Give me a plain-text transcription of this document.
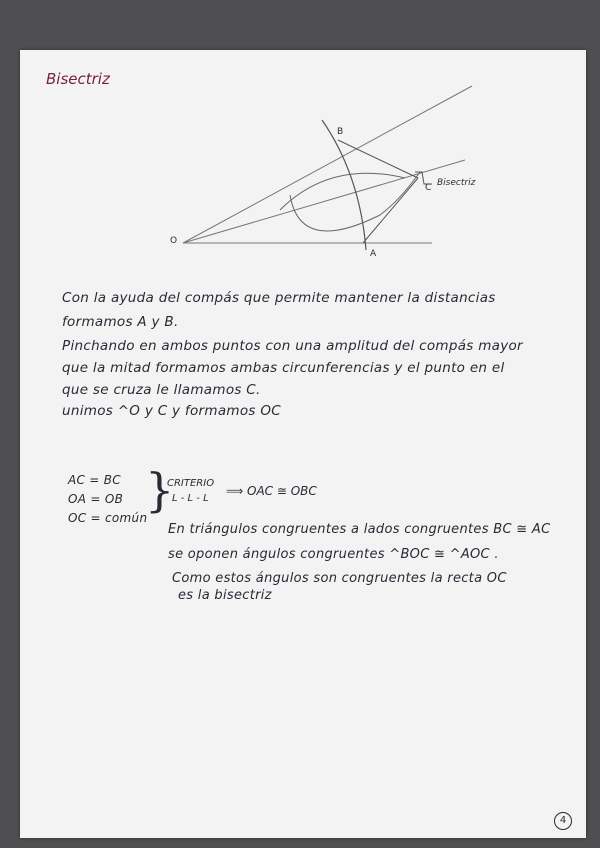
Bisectriz
O
A
B
C Bisectriz
Con la ayuda del compás que permite mantener la distancias
formamos A y B.
Pinchando en ambos puntos con una amplitud del compás mayor
que la mitad formamos ambas circunferencias y el punto en el
que se cruza le llamamos C.
unimos ^O y C y formamos OC
AC = BC
OA = OB
OC = común
}
CRITERIO
L - L - L
⟹ OAC ≅ OBC
En triángulos congruentes a lados congruentes BC ≅ AC
se oponen ángulos congruentes ^BOC ≅ ^AOC .
Como estos ángulos son congruentes la recta OC
es la bisectriz
4
